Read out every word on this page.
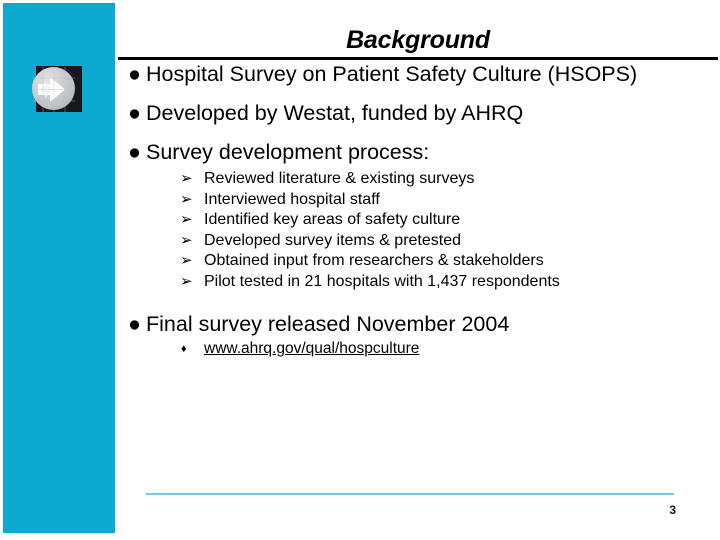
Background
● Hospital Survey on Patient Safety Culture (HSOPS)
● Developed by Westat, funded by AHRQ
● Survey development process:
➢ Reviewed literature & existing surveys
➢ Interviewed hospital staff
➢ Identified key areas of safety culture
➢ Developed survey items & pretested
➢ Obtained input from researchers & stakeholders
➢ Pilot tested in 21 hospitals with 1,437 respondents
● Final survey released November 2004
♦ www.ahrq.gov/qual/hospculture
3
